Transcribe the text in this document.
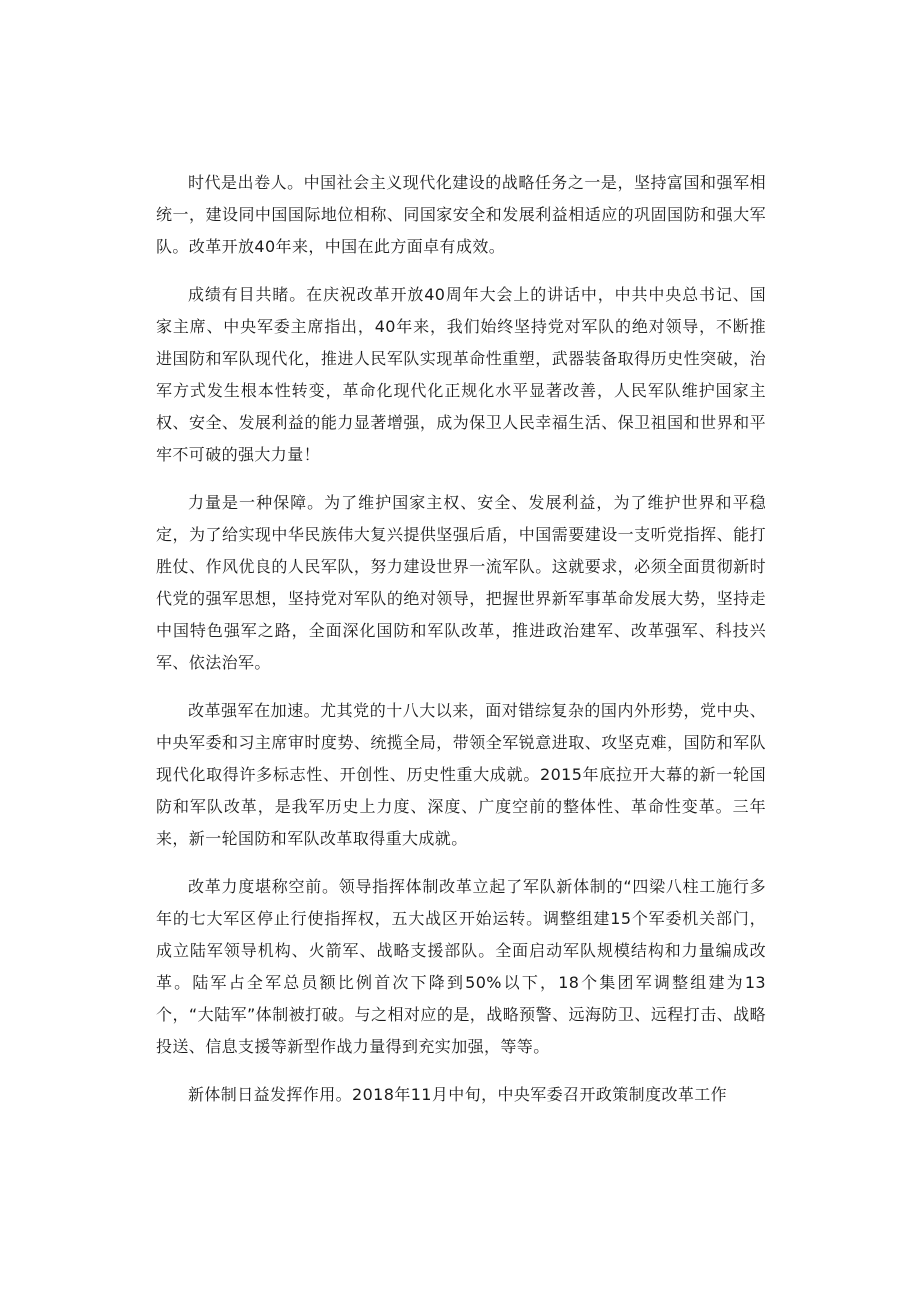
时代是出卷人。中国社会主义现代化建设的战略任务之一是，坚持富国和强军相统一，建设同中国国际地位相称、同国家安全和发展利益相适应的巩固国防和强大军队。改革开放40年来，中国在此方面卓有成效。

成绩有目共睹。在庆祝改革开放40周年大会上的讲话中，中共中央总书记、国家主席、中央军委主席指出，40年来，我们始终坚持党对军队的绝对领导，不断推进国防和军队现代化，推进人民军队实现革命性重塑，武器装备取得历史性突破，治军方式发生根本性转变，革命化现代化正规化水平显著改善，人民军队维护国家主权、安全、发展利益的能力显著增强，成为保卫人民幸福生活、保卫祖国和世界和平牢不可破的强大力量！

力量是一种保障。为了维护国家主权、安全、发展利益，为了维护世界和平稳定，为了给实现中华民族伟大复兴提供坚强后盾，中国需要建设一支听党指挥、能打胜仗、作风优良的人民军队，努力建设世界一流军队。这就要求，必须全面贯彻新时代党的强军思想，坚持党对军队的绝对领导，把握世界新军事革命发展大势，坚持走中国特色强军之路，全面深化国防和军队改革，推进政治建军、改革强军、科技兴军、依法治军。

改革强军在加速。尤其党的十八大以来，面对错综复杂的国内外形势，党中央、中央军委和习主席审时度势、统揽全局，带领全军锐意进取、攻坚克难，国防和军队现代化取得许多标志性、开创性、历史性重大成就。2015年底拉开大幕的新一轮国防和军队改革，是我军历史上力度、深度、广度空前的整体性、革命性变革。三年来，新一轮国防和军队改革取得重大成就。

改革力度堪称空前。领导指挥体制改革立起了军队新体制的“四梁八柱工施行多年的七大军区停止行使指挥权，五大战区开始运转。调整组建15个军委机关部门，成立陆军领导机构、火箭军、战略支援部队。全面启动军队规模结构和力量编成改革。陆军占全军总员额比例首次下降到50%以下，18个集团军调整组建为13个，“大陆军”体制被打破。与之相对应的是，战略预警、远海防卫、远程打击、战略投送、信息支援等新型作战力量得到充实加强，等等。

新体制日益发挥作用。2018年11月中旬，中央军委召开政策制度改革工作
